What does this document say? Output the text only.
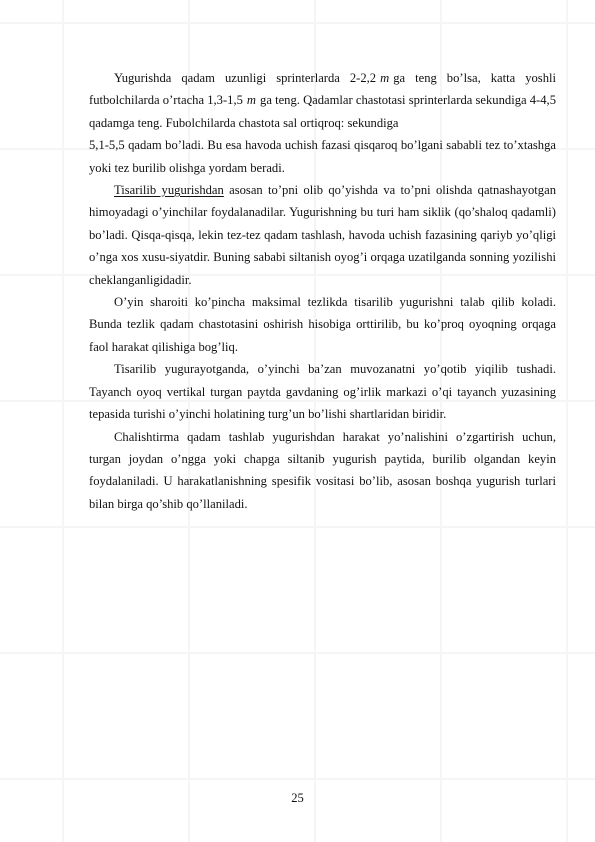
Yugurishda qadam uzunligi sprinterlarda 2-2,2 m ga teng bo’lsa, katta yoshli futbolchilarda o’rtacha 1,3-1,5 m ga teng. Qadamlar chastotasi sprinterlarda sekundiga 4-4,5 qadamga teng. Fubolchilarda chastota sal ortiqroq: sekundiga

5,1-5,5 qadam bo’ladi. Bu esa havoda uchish fazasi qisqaroq bo’lgani sababli tez to’xtashga yoki tez burilib olishga yordam beradi.

Tisarilib yugurishdan asosan to’pni olib qo’yishda va to’pni olishda qatnashayotgan himoyadagi o’yinchilar foydalanadilar. Yugurishning bu turi ham siklik (qo’shaloq qadamli) bo’ladi. Qisqa-qisqa, lekin tez-tez qadam tashlash, havoda uchish fazasining qariyb yo’qligi o’nga xos xusu-siyatdir. Buning sababi siltanish oyog’i orqaga uzatilganda sonning yozilishi cheklanganligidadir.

O’yin sharoiti ko’pincha maksimal tezlikda tisarilib yugurishni talab qilib koladi. Bunda tezlik qadam chastotasini oshirish hisobiga orttirilib, bu ko’proq oyoqning orqaga faol harakat qilishiga bog’liq.

Tisarilib yugurayotganda, o’yinchi ba’zan muvozanatni yo’qotib yiqilib tushadi. Tayanch oyoq vertikal turgan paytda gavdaning og’irlik markazi o’qi tayanch yuzasining tepasida turishi o’yinchi holatining turg’un bo’lishi shartlaridan biridir.

Chalishtirma qadam tashlab yugurishdan harakat yo’nalishini o’zgartirish uchun, turgan joydan o’ngga yoki chapga siltanib yugurish paytida, burilib olgandan keyin foydalaniladi. U harakatlanishning spesifik vositasi bo’lib, asosan boshqa yugurish turlari bilan birga qo’shib qo’llaniladi.

25
